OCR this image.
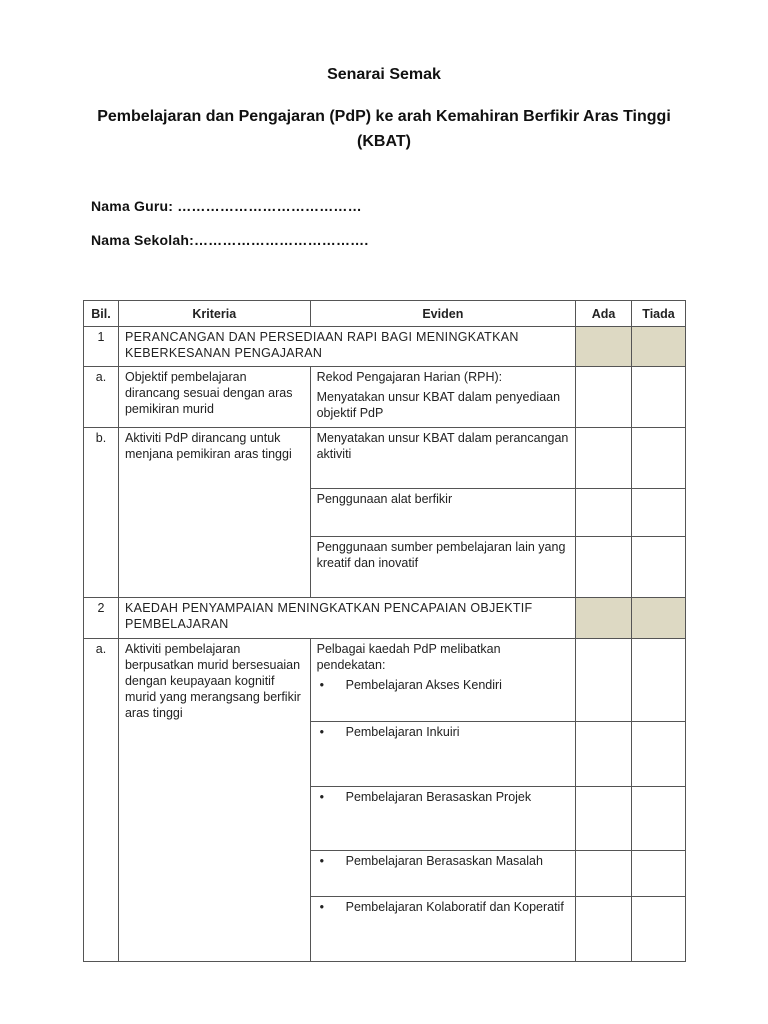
Senarai Semak
Pembelajaran dan Pengajaran (PdP) ke arah Kemahiran Berfikir Aras Tinggi (KBAT)
Nama Guru: …………………………………
Nama Sekolah:……………………………….
Bil.	Kriteria	Eviden	Ada	Tiada
1	PERANCANGAN DAN PERSEDIAAN RAPI BAGI MENINGKATKAN KEBERKESANAN PENGAJARAN			
a.	Objektif pembelajaran dirancang sesuai dengan aras pemikiran murid	Rekod Pengajaran Harian (RPH):
Menyatakan unsur KBAT dalam penyediaan objektif PdP		

b.	Aktiviti PdP dirancang untuk menjana pemikiran aras tinggi	Menyatakan unsur KBAT dalam perancangan aktiviti		
		Penggunaan alat berfikir		
		Penggunaan sumber pembelajaran lain yang kreatif dan inovatif		
2	KAEDAH PENYAMPAIAN MENINGKATKAN PENCAPAIAN OBJEKTIF PEMBELAJARAN			
a.	Aktiviti pembelajaran berpusatkan murid bersesuaian dengan keupayaan kognitif murid yang merangsang berfikir aras tinggi	Pelbagai kaedah PdP melibatkan pendekatan:
• Pembelajaran Akses Kendiri		

		• Pembelajaran Inkuiri		

		• Pembelajaran Berasaskan Projek		

		• Pembelajaran Berasaskan Masalah		

		• Pembelajaran Kolaboratif dan Koperatif		
